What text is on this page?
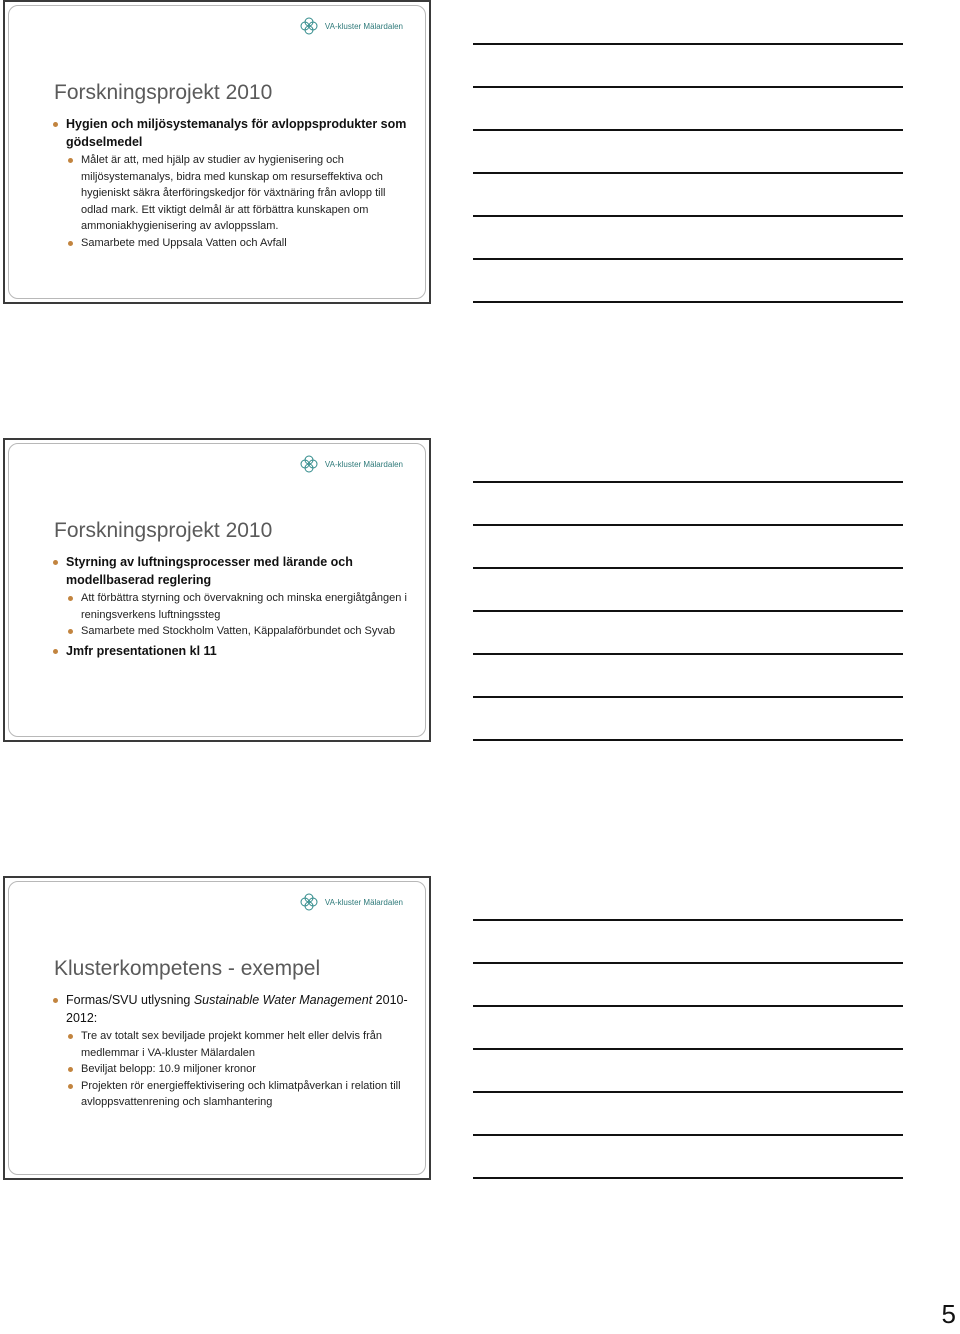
VA-kluster Mälardalen
Forskningsprojekt 2010
Hygien och miljösystemanalys för avloppsprodukter som gödselmedel
Målet är att, med hjälp av studier av hygienisering och miljösystemanalys, bidra med kunskap om resurseffektiva och hygieniskt säkra återföringskedjor för växtnäring från avlopp till odlad mark. Ett viktigt delmål är att förbättra kunskapen om ammoniakhygienisering av avloppsslam.
Samarbete med Uppsala Vatten och Avfall
VA-kluster Mälardalen
Forskningsprojekt 2010
Styrning av luftningsprocesser med lärande och modellbaserad reglering
Att förbättra styrning och övervakning och minska energiåtgången i reningsverkens luftningssteg
Samarbete med Stockholm Vatten, Käppalaförbundet och Syvab
Jmfr presentationen kl 11
VA-kluster Mälardalen
Klusterkompetens - exempel
Formas/SVU utlysning Sustainable Water Management 2010-2012:
Tre av totalt sex beviljade projekt kommer helt eller delvis från medlemmar i VA-kluster Mälardalen
Beviljat belopp: 10.9 miljoner kronor
Projekten rör energieffektivisering och klimatpåverkan i relation till avloppsvattenrening och slamhantering
5
